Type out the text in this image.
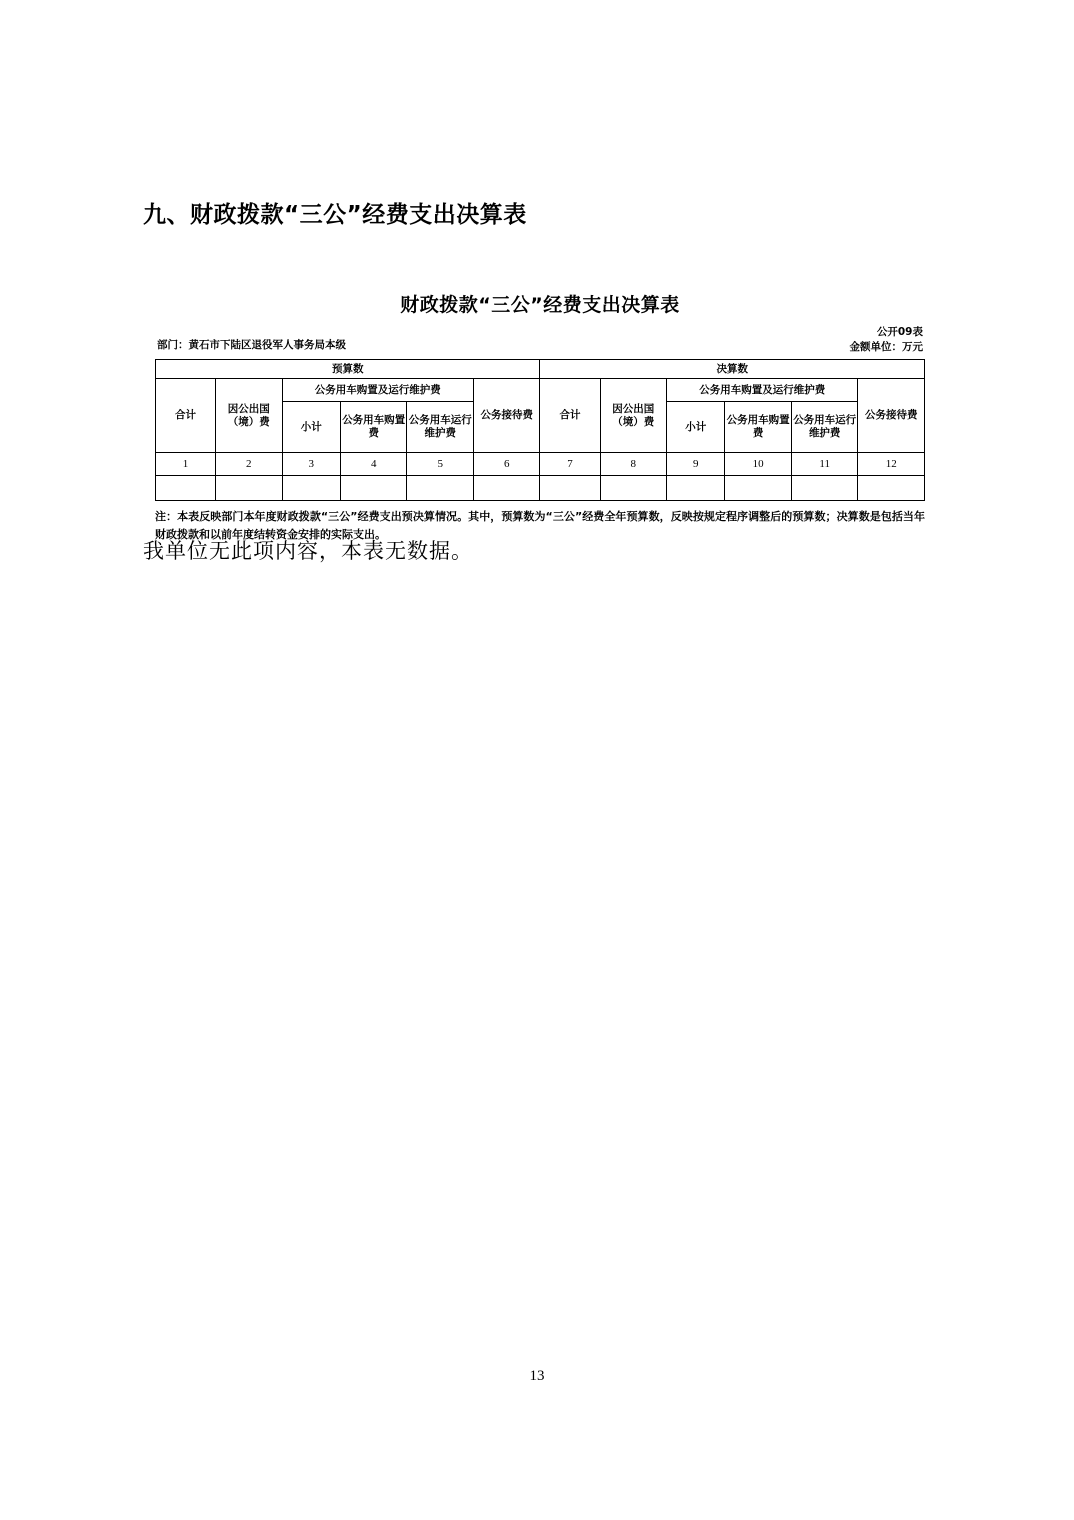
九、财政拨款“三公”经费支出决算表
财政拨款“三公”经费支出决算表
部门：黄石市下陆区退役军人事务局本级
公开09表
金额单位：万元
预算数						决算数					
合计	因公出国（境）费	公务用车购置及运行维护费			公务接待费	合计	因公出国（境）费	公务用车购置及运行维护费			公务接待费
		小计	公务用车购置费	公务用车运行维护费				小计	公务用车购置费	公务用车运行维护费	
1	2	3	4	5	6	7	8	9	10	11	12

注：本表反映部门本年度财政拨款“三公”经费支出预决算情况。其中，预算数为“三公”经费全年预算数，反映按规定程序调整后的预算数；决算数是包括当年财政拨款和以前年度结转资金安排的实际支出。
我单位无此项内容，本表无数据。
13
